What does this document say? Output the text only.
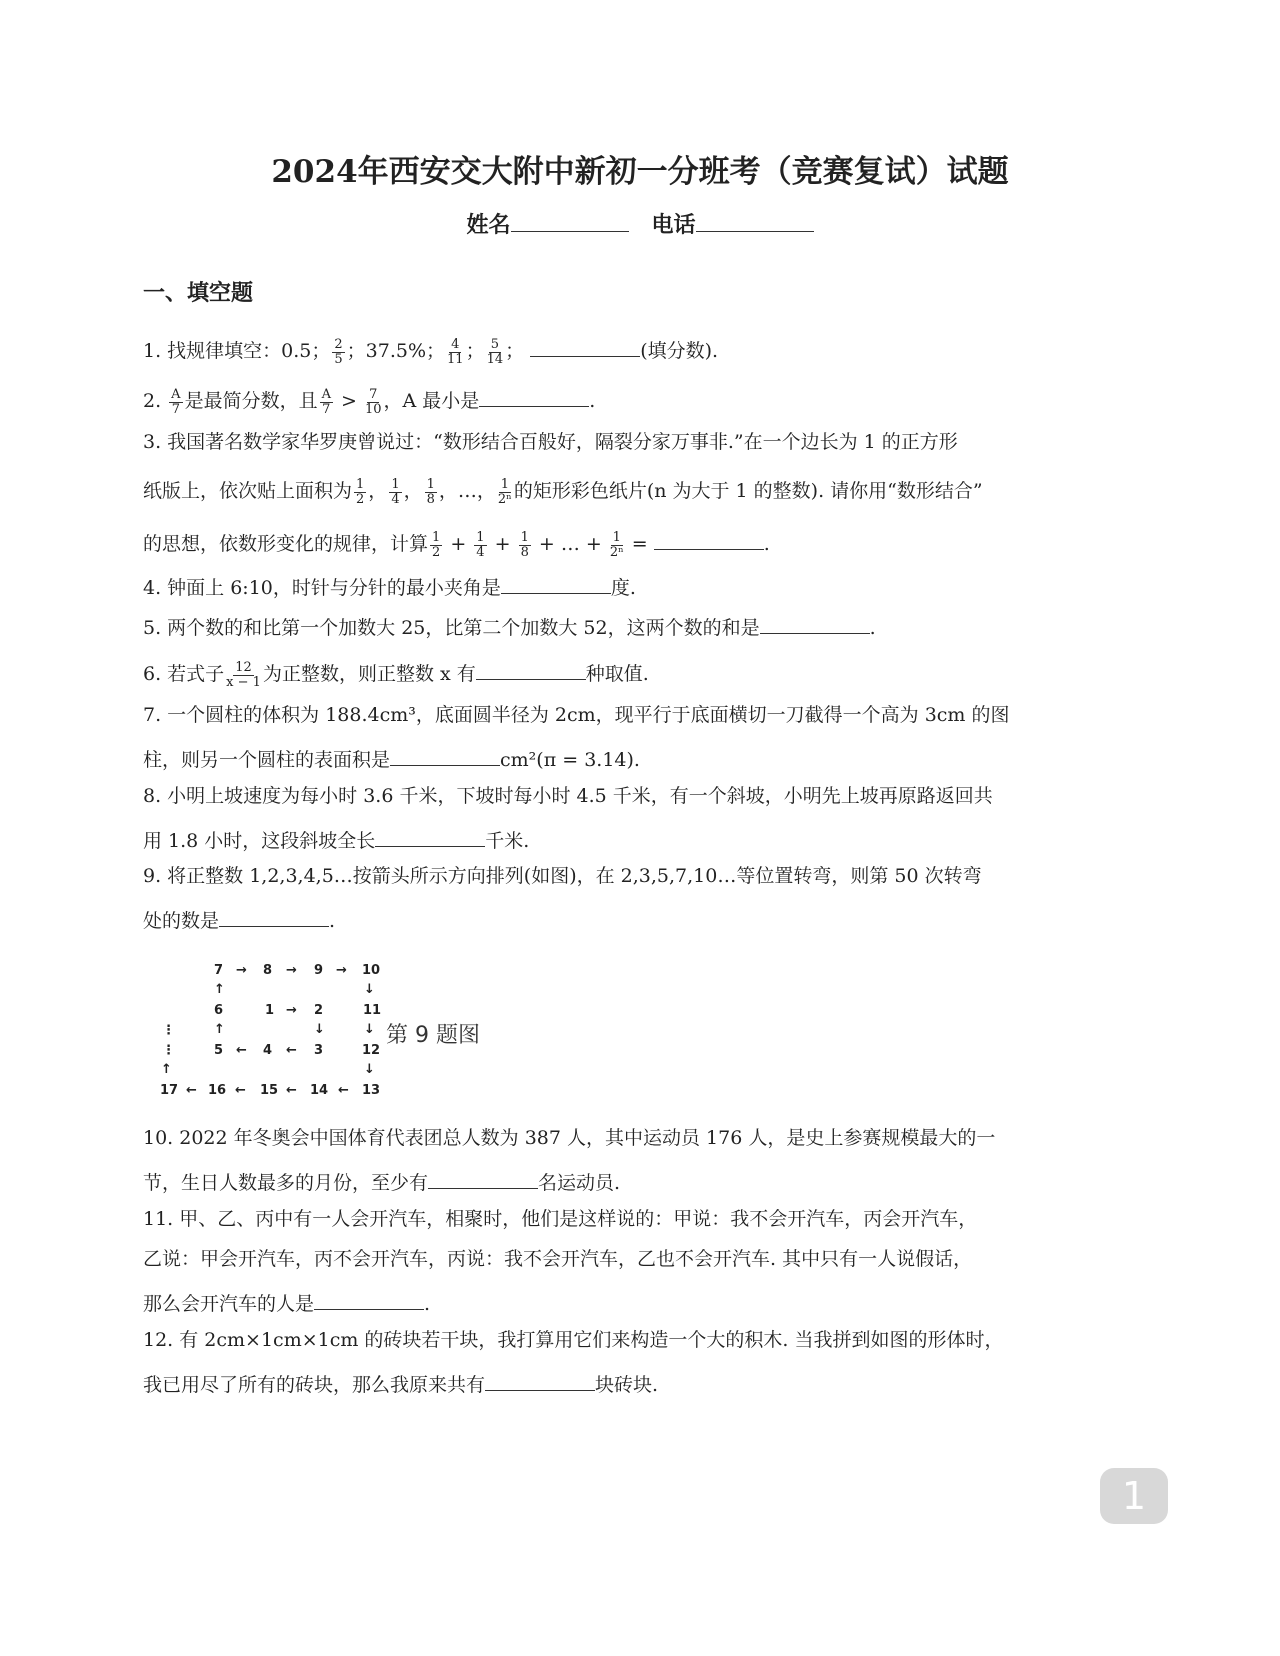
2024年西安交大附中新初一分班考（竞赛复试）试题
姓名	电话
一、填空题
1. 找规律填空：0.5； $\frac{2}{5}$ ；37.5%； $\frac{4}{11}$ ； $\frac{5}{14}$ ；	(填分数).
2. $\frac{A}{7}$ 是最简分数，且 $\frac{A}{7} > \frac{7}{10}$ ，A 最小是	.
3. 我国著名数学家华罗庚曾说过：“数形结合百般好，隔裂分家万事非.”在一个边长为 1 的正方形
纸版上，依次贴上面积为 $\frac{1}{2}$ ， $\frac{1}{4}$ ， $\frac{1}{8}$ ，…， $\frac{1}{\text{2ⁿ}}$ 的矩形彩色纸片(n 为大于 1 的整数). 请你用“数形结合”
的思想，依数形变化的规律，计算 $\frac{1}{2} + \frac{1}{4} + \frac{1}{8}$ + … + $\frac{1}{\text{2ⁿ}}$ =	.
4. 钟面上 6:10，时针与分针的最小夹角是	度.
5. 两个数的和比第一个加数大 25，比第二个加数大 52，这两个数的和是	.
6. 若式子 $\frac{12}{x - 1}$ 为正整数，则正整数 x 有	种取值.
7. 一个圆柱的体积为 188.4cm³，底面圆半径为 2cm，现平行于底面横切一刀截得一个高为 3cm 的图
柱，则另一个圆柱的表面积是	cm²(π = 3.14).
8. 小明上坡速度为每小时 3.6 千米，下坡时每小时 4.5 千米，有一个斜坡，小明先上坡再原路返回共
用 1.8 小时，这段斜坡全长	千米.
9. 将正整数 1,2,3,4,5…按箭头所示方向排列(如图)，在 2,3,5,7,10…等位置转弯，则第 50 次转弯
处的数是	.
7 → 8 → 9 → 10
↑	↓
6	1 → 2	11
↑	↓	↓
5 ← 4 ← 3	12
↓
17 ← 16 ← 15 ← 14 ← 13
⋮
⋮
↑
第 9 题图
10. 2022 年冬奥会中国体育代表团总人数为 387 人，其中运动员 176 人，是史上参赛规模最大的一
节，生日人数最多的月份，至少有	名运动员.
11. 甲、乙、丙中有一人会开汽车，相聚时，他们是这样说的：甲说：我不会开汽车，丙会开汽车，
乙说：甲会开汽车，丙不会开汽车，丙说：我不会开汽车，乙也不会开汽车. 其中只有一人说假话，
那么会开汽车的人是	.
12. 有 2cm×1cm×1cm 的砖块若干块，我打算用它们来构造一个大的积木. 当我拼到如图的形体时，
我已用尽了所有的砖块，那么我原来共有	块砖块.
1
